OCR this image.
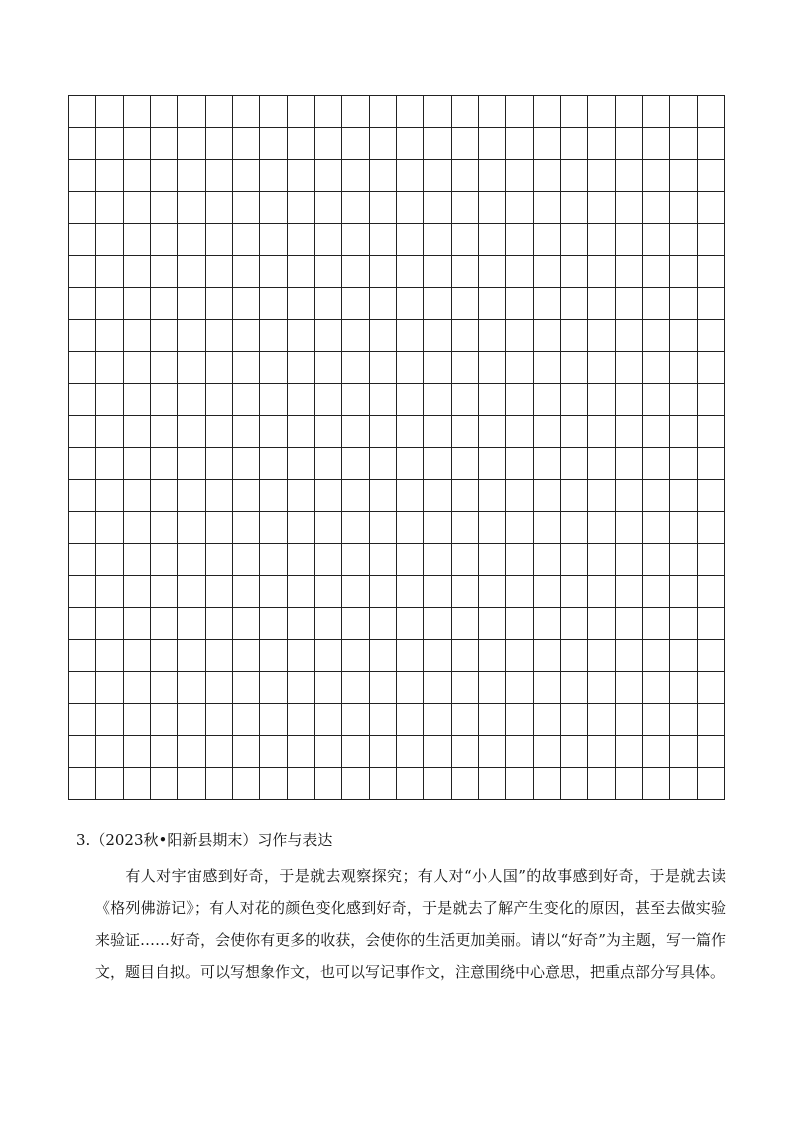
3.（2023秋•阳新县期末）习作与表达

有人对宇宙感到好奇，于是就去观察探究；有人对“小人国”的故事感到好奇，于是就去读《格列佛游记》；有人对花的颜色变化感到好奇，于是就去了解产生变化的原因，甚至去做实验来验证……好奇，会使你有更多的收获，会使你的生活更加美丽。请以“好奇”为主题，写一篇作文，题目自拟。可以写想象作文，也可以写记事作文，注意围绕中心意思，把重点部分写具体。
